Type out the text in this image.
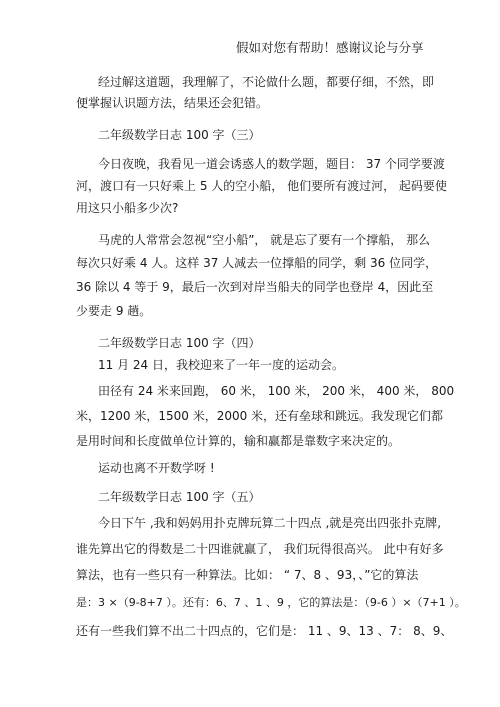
假如对您有帮助！感谢议论与分享
经过解这道题，我理解了，不论做什么题，都要仔细，不然，即
便掌握认识题方法，结果还会犯错。
二年级数学日志 100 字（三）
今日夜晚，我看见一道会诱惑人的数学题，题目： 37 个同学要渡
河，渡口有一只好乘上 5 人的空小船， 他们要所有渡过河， 起码要使
用这只小船多少次?
马虎的人常常会忽视“空小船”， 就是忘了要有一个撑船， 那么
每次只好乘 4 人。这样 37 人减去一位撑船的同学，剩 36 位同学，
36 除以 4 等于 9，最后一次到对岸当船夫的同学也登岸 4，因此至
少要走 9 趟。
二年级数学日志 100 字（四）
11 月 24 日，我校迎来了一年一度的运动会。
田径有 24 米来回跑， 60 米， 100 米， 200 米， 400 米， 800
米，1200 米，1500 米，2000 米，还有垒球和跳远。我发现它们都
是用时间和长度做单位计算的，输和赢都是靠数字来决定的。
运动也离不开数学呀 !
二年级数学日志 100 字（五）
今日下午 ,我和妈妈用扑克牌玩算二十四点 ,就是亮出四张扑克牌,
谁先算出它的得数是二十四谁就赢了， 我们玩得很高兴。 此中有好多
算法，也有一些只有一种算法。比如： “ 7、8 、93，、”它的算法
是：3 ×（9-8+7 ）。还有：6、7 、1 、9 ，它的算法是：（9-6 ）×（7+1 ）。
还有一些我们算不出二十四点的，它们是： 11 、9、13 、7： 8、9、
